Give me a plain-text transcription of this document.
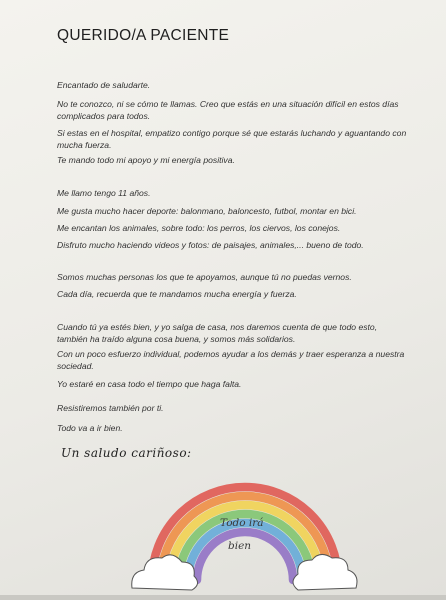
QUERIDO/A PACIENTE
Encantado de saludarte.
No te conozco, ni se cómo te llamas. Creo que estás en una situación difícil en estos días complicados para todos.
Si estas en el hospital, empatizo contigo porque sé que estarás luchando y aguantando con mucha fuerza.
Te mando todo mi apoyo y mi energía positiva.
Me llamo tengo 11 años.
Me gusta mucho hacer deporte: balonmano, baloncesto, futbol, montar en bici.
Me encantan los animales, sobre todo: los perros, los ciervos, los conejos.
Disfruto mucho haciendo videos y fotos: de paisajes, animales,... bueno de todo.
Somos muchas personas los que te apoyamos, aunque tú no puedas vernos.
Cada día, recuerda que te mandamos mucha energía y fuerza.
Cuando tú ya estés bien, y yo salga de casa, nos daremos cuenta de que todo esto, también ha traído alguna cosa buena, y somos más solidarios.
Con un poco esfuerzo individual, podemos ayudar a los demás y traer esperanza a nuestra sociedad.
Yo estaré en casa todo el tiempo que haga falta.
Resistiremos también por ti.
Todo va a ir bien.
Un saludo cariñoso:
Todo irá
bien
